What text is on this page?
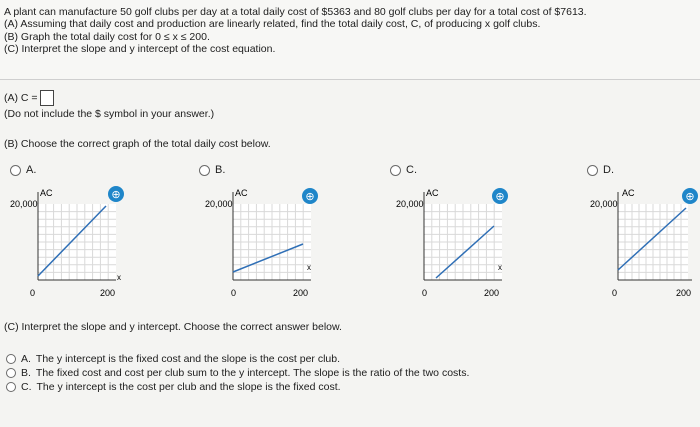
A plant can manufacture 50 golf clubs per day at a total daily cost of $5363 and 80 golf clubs per day for a total cost of $7613.
(A) Assuming that daily cost and production are linearly related, find the total daily cost, C, of producing x golf clubs.
(B) Graph the total daily cost for 0 ≤ x ≤ 200.
(C) Interpret the slope and y intercept of the cost equation.
(A) C =
(Do not include the $ symbol in your answer.)
(B) Choose the correct graph of the total daily cost below.
A.	B.	C.	D.
20,000
AC
200
0
x
20,000
AC
200
0
x
20,000
AC
200
0
x
20,000
AC
200
0
⊕	⊕	⊕	⊕
(C) Interpret the slope and y intercept. Choose the correct answer below.
A. The y intercept is the fixed cost and the slope is the cost per club.
B. The fixed cost and cost per club sum to the y intercept. The slope is the ratio of the two costs.
C. The y intercept is the cost per club and the slope is the fixed cost.
